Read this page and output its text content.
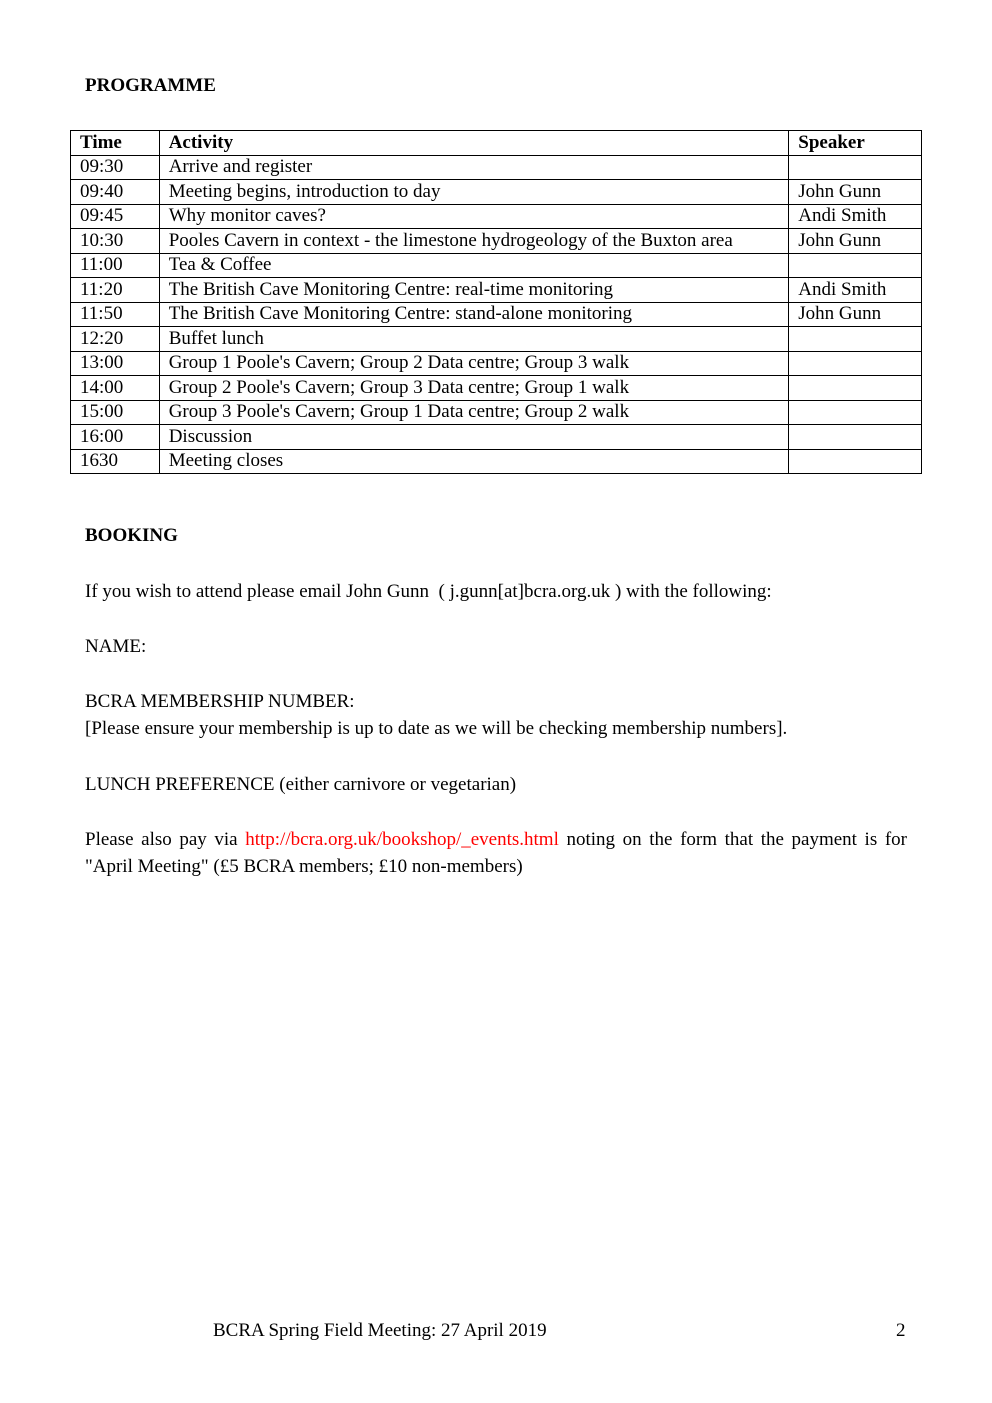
PROGRAMME
Time	Activity	Speaker
09:30	Arrive and register	
09:40	Meeting begins, introduction to day	John Gunn
09:45	Why monitor caves?	Andi Smith
10:30	Pooles Cavern in context - the limestone hydrogeology of the Buxton area	John Gunn
11:00	Tea & Coffee	
11:20	The British Cave Monitoring Centre: real-time monitoring	Andi Smith
11:50	The British Cave Monitoring Centre: stand-alone monitoring	John Gunn
12:20	Buffet lunch	
13:00	Group 1 Poole's Cavern; Group 2 Data centre; Group 3 walk	
14:00	Group 2 Poole's Cavern; Group 3 Data centre; Group 1 walk	
15:00	Group 3 Poole's Cavern; Group 1 Data centre; Group 2 walk	
16:00	Discussion	
1630	Meeting closes	
BOOKING
If you wish to attend please email John Gunn  ( j.gunn[at]bcra.org.uk ) with the following:
NAME:
BCRA MEMBERSHIP NUMBER:
[Please ensure your membership is up to date as we will be checking membership numbers].
LUNCH PREFERENCE (either carnivore or vegetarian)
Please also pay via http://bcra.org.uk/bookshop/_events.html noting on the form that the payment is for "April Meeting" (£5 BCRA members; £10 non-members)
BCRA Spring Field Meeting: 27 April 2019	2
